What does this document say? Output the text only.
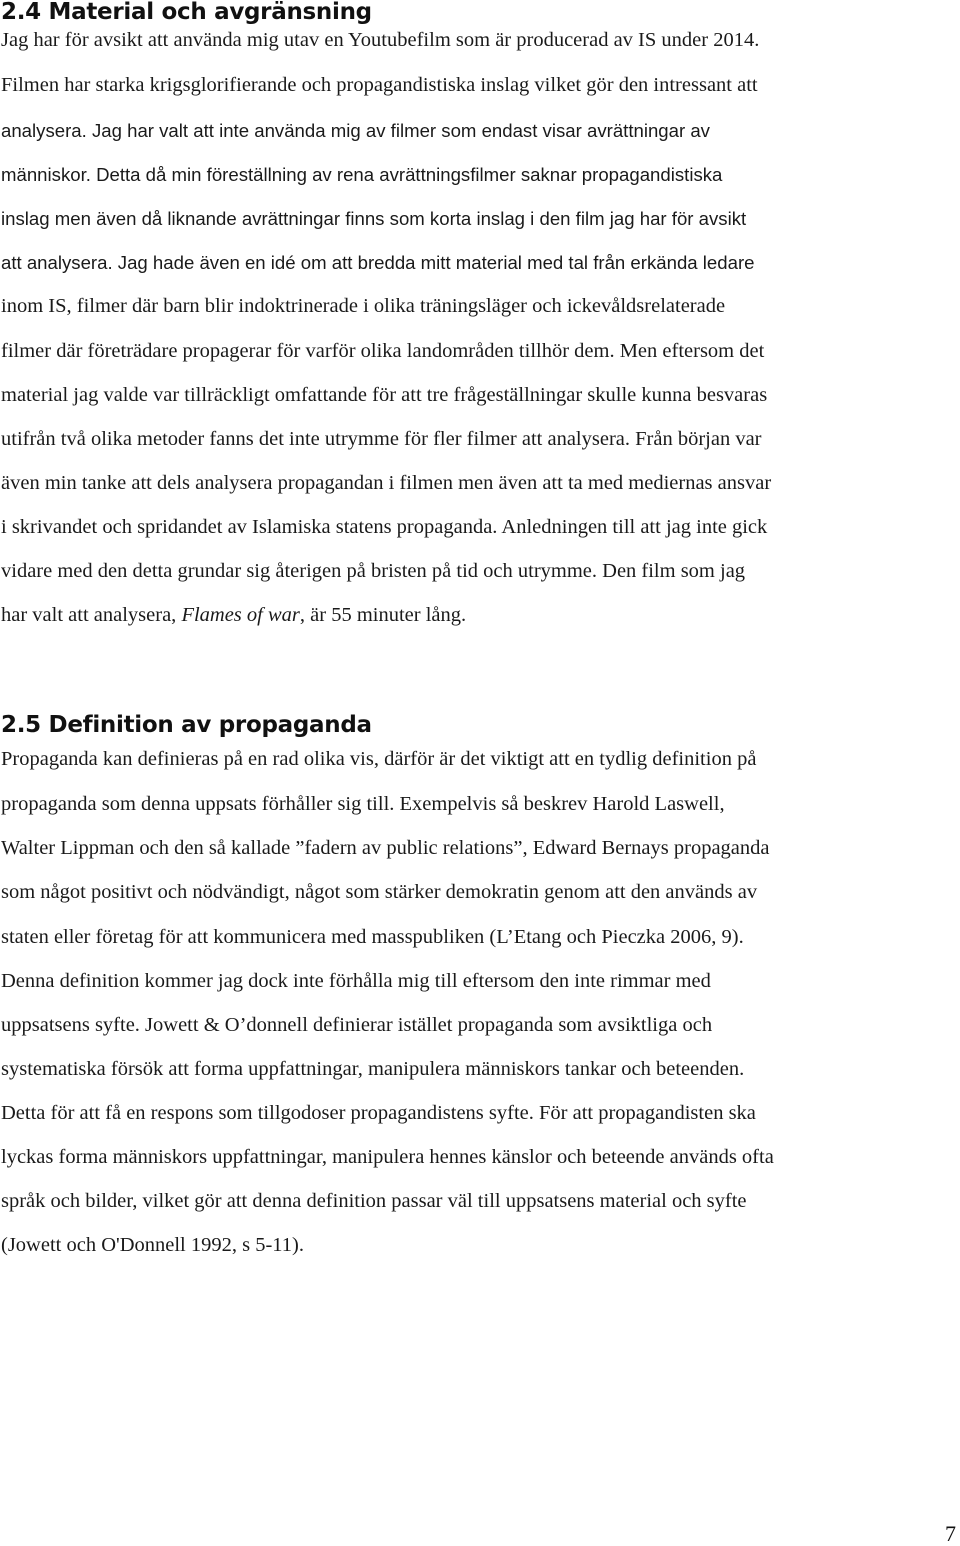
2.4 Material och avgränsning

Jag har för avsikt att använda mig utav en Youtubefilm som är producerad av IS under 2014.

Filmen har starka krigsglorifierande och propagandistiska inslag vilket gör den intressant att

analysera. Jag har valt att inte använda mig av filmer som endast visar avrättningar av

människor. Detta då min föreställning av rena avrättningsfilmer saknar propagandistiska

inslag men även då liknande avrättningar finns som korta inslag i den film jag har för avsikt

att analysera. Jag hade även en idé om att bredda mitt material med tal från erkända ledare

inom IS, filmer där barn blir indoktrinerade i olika träningsläger och ickevåldsrelaterade

filmer där företrädare propagerar för varför olika landområden tillhör dem. Men eftersom det

material jag valde var tillräckligt omfattande för att tre frågeställningar skulle kunna besvaras

utifrån två olika metoder fanns det inte utrymme för fler filmer att analysera. Från början var

även min tanke att dels analysera propagandan i filmen men även att ta med mediernas ansvar

i skrivandet och spridandet av Islamiska statens propaganda. Anledningen till att jag inte gick

vidare med den detta grundar sig återigen på bristen på tid och utrymme. Den film som jag

har valt att analysera, Flames of war, är 55 minuter lång.

2.5 Definition av propaganda

Propaganda kan definieras på en rad olika vis, därför är det viktigt att en tydlig definition på

propaganda som denna uppsats förhåller sig till. Exempelvis så beskrev Harold Laswell,

Walter Lippman och den så kallade ”fadern av public relations”, Edward Bernays propaganda

som något positivt och nödvändigt, något som stärker demokratin genom att den används av

staten eller företag för att kommunicera med masspubliken (L’Etang och Pieczka 2006, 9).

Denna definition kommer jag dock inte förhålla mig till eftersom den inte rimmar med

uppsatsens syfte. Jowett & O’donnell definierar istället propaganda som avsiktliga och

systematiska försök att forma uppfattningar, manipulera människors tankar och beteenden.

Detta för att få en respons som tillgodoser propagandistens syfte. För att propagandisten ska

lyckas forma människors uppfattningar, manipulera hennes känslor och beteende används ofta

språk och bilder, vilket gör att denna definition passar väl till uppsatsens material och syfte

(Jowett och O'Donnell 1992, s 5-11).

7
